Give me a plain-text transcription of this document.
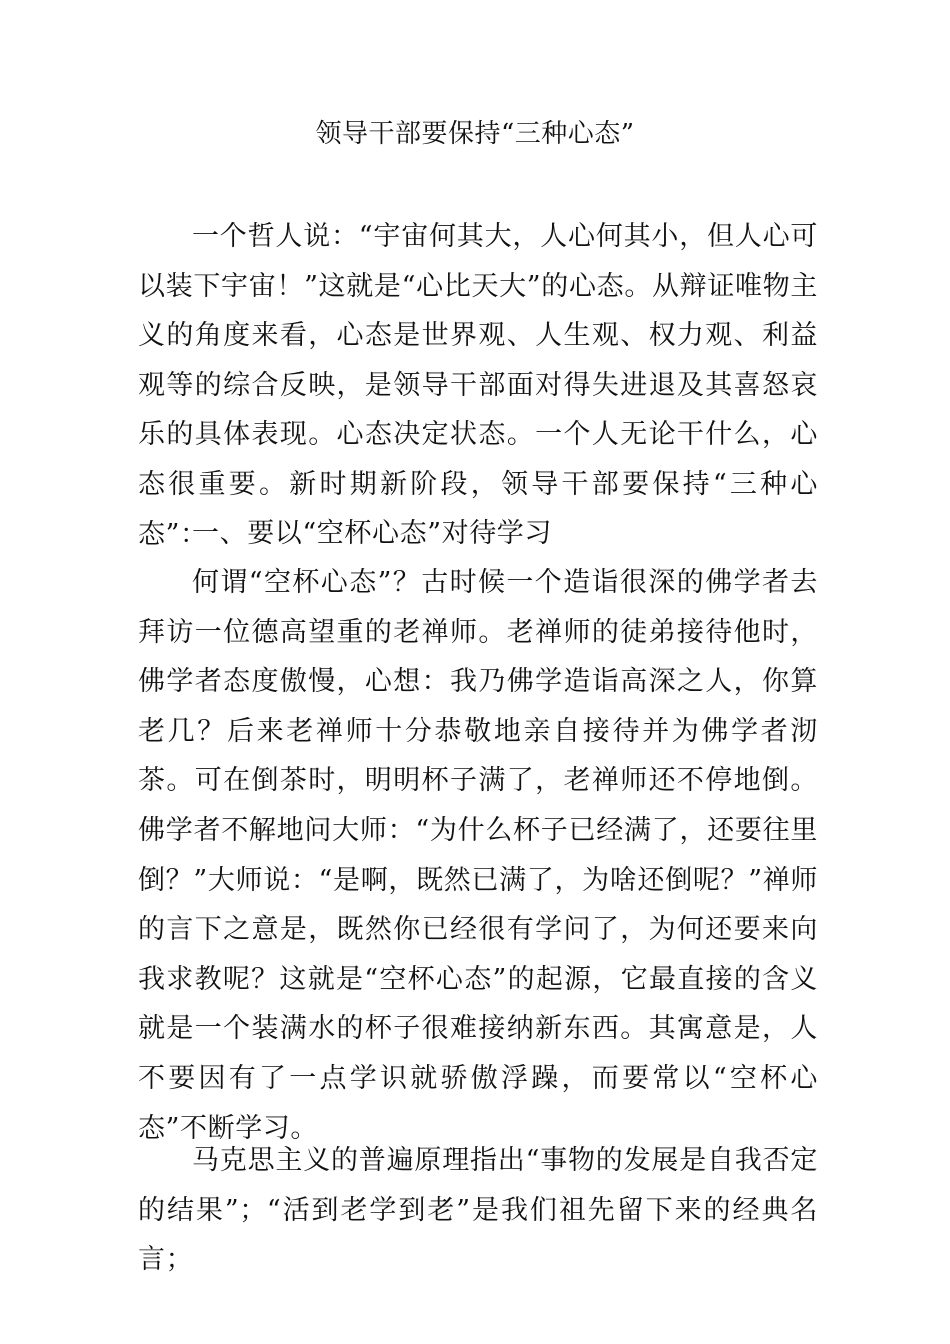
领导干部要保持“三种心态”

一个哲人说：“宇宙何其大，人心何其小，但人心可以装下宇宙！”这就是“心比天大”的心态。从辩证唯物主义的角度来看，心态是世界观、人生观、权力观、利益观等的综合反映，是领导干部面对得失进退及其喜怒哀乐的具体表现。心态决定状态。一个人无论干什么，心态很重要。新时期新阶段，领导干部要保持“三种心态”：

一、要以“空杯心态”对待学习

何谓“空杯心态”？古时候一个造诣很深的佛学者去拜访一位德高望重的老禅师。老禅师的徒弟接待他时，佛学者态度傲慢，心想：我乃佛学造诣高深之人，你算老几？后来老禅师十分恭敬地亲自接待并为佛学者沏茶。可在倒茶时，明明杯子满了，老禅师还不停地倒。佛学者不解地问大师：“为什么杯子已经满了，还要往里倒？”大师说：“是啊，既然已满了，为啥还倒呢？”禅师的言下之意是，既然你已经很有学问了，为何还要来向我求教呢？这就是“空杯心态”的起源，它最直接的含义就是一个装满水的杯子很难接纳新东西。其寓意是，人不要因有了一点学识就骄傲浮躁，而要常以“空杯心态”不断学习。

马克思主义的普遍原理指出“事物的发展是自我否定的结果”；“活到老学到老”是我们祖先留下来的经典名言；
